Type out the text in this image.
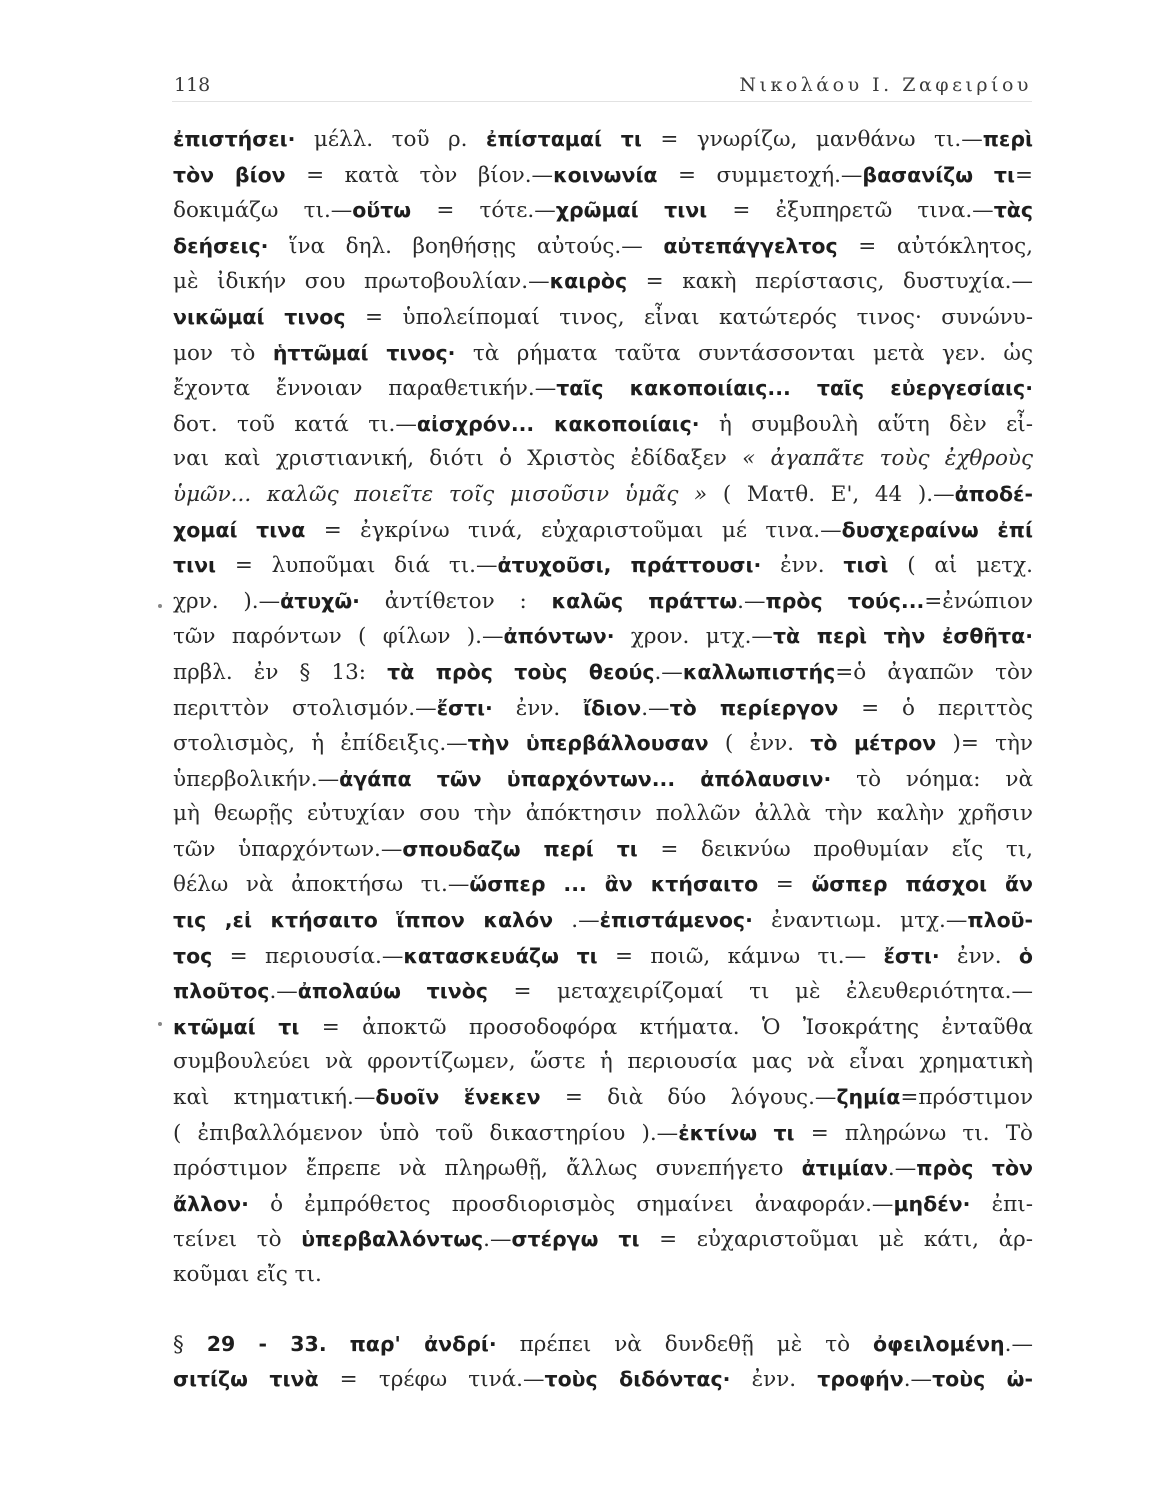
118	Νικολάου Ι. Ζαφειρίου
ἐπιστήσει· μέλλ. τοῦ ρ. ἐπίσταμαί τι = γνωρίζω, μανθάνω τι.—περὶ
τὸν βίον = κατὰ τὸν βίον.—κοινωνία = συμμετοχή.—βασανίζω τι=
δοκιμάζω τι.—οὕτω = τότε.—χρῶμαί τινι = ἐξυπηρετῶ τινα.—τὰς
δεήσεις· ἵνα δηλ. βοηθήσῃς αὐτούς.— αὐτεπάγγελτος = αὐτόκλητος,
μὲ ἰδικήν σου πρωτοβουλίαν.—καιρὸς = κακὴ περίστασις, δυστυχία.—
νικῶμαί τινος = ὑπολείπομαί τινος, εἶναι κατώτερός τινος· συνώνυ-
μον τὸ ἡττῶμαί τινος· τὰ ρήματα ταῦτα συντάσσονται μετὰ γεν. ὡς
ἔχοντα ἔννοιαν παραθετικήν.—ταῖς κακοποιίαις... ταῖς εὐεργεσίαις·
δοτ. τοῦ κατά τι.—αἰσχρόν... κακοποιίαις· ἡ συμβουλὴ αὕτη δὲν εἶ-
ναι καὶ χριστιανική, διότι ὁ Χριστὸς ἐδίδαξεν « ἀγαπᾶτε τοὺς ἐχθροὺς
ὑμῶν... καλῶς ποιεῖτε τοῖς μισοῦσιν ὑμᾶς » ( Ματθ. Ε', 44 ).—ἀποδέ-
χομαί τινα = ἐγκρίνω τινά, εὐχαριστοῦμαι μέ τινα.—δυσχεραίνω ἐπί
τινι = λυποῦμαι διά τι.—ἀτυχοῦσι, πράττουσι· ἐνν. τισὶ ( αἱ μετχ.
χρν. ).—ἀτυχῶ· ἀντίθετον : καλῶς πράττω.—πρὸς τούς...=ἐνώπιον
τῶν παρόντων ( φίλων ).—ἀπόντων· χρον. μτχ.—τὰ περὶ τὴν ἐσθῆτα·
πρβλ. ἐν § 13: τὰ πρὸς τοὺς θεούς.—καλλωπιστής=ὁ ἀγαπῶν τὸν
περιττὸν στολισμόν.—ἔστι· ἐνν. ἴδιον.—τὸ περίεργον = ὁ περιττὸς
στολισμὸς, ἡ ἐπίδειξις.—τὴν ὑπερβάλλουσαν ( ἐνν. τὸ μέτρον )= τὴν
ὑπερβολικήν.—ἀγάπα τῶν ὑπαρχόντων... ἀπόλαυσιν· τὸ νόημα: νὰ
μὴ θεωρῇς εὐτυχίαν σου τὴν ἀπόκτησιν πολλῶν ἀλλὰ τὴν καλὴν χρῆσιν
τῶν ὑπαρχόντων.—σπουδαζω περί τι = δεικνύω προθυμίαν εἴς τι,
θέλω νὰ ἀποκτήσω τι.—ὥσπερ ... ἂν κτήσαιτο = ὥσπερ πάσχοι ἄν
τις ,εἰ κτήσαιτο ἵππον καλόν .—ἐπιστάμενος· ἐναντιωμ. μτχ.—πλοῦ-
τος = περιουσία.—κατασκευάζω τι = ποιῶ, κάμνω τι.— ἔστι· ἐνν. ὁ
πλοῦτος.—ἀπολαύω τινὸς = μεταχειρίζομαί τι μὲ ἐλευθεριότητα.—
κτῶμαί τι = ἀποκτῶ προσοδοφόρα κτήματα. Ὁ Ἰσοκράτης ἐνταῦθα
συμβουλεύει νὰ φροντίζωμεν, ὥστε ἡ περιουσία μας νὰ εἶναι χρηματικὴ
καὶ κτηματική.—δυοῖν ἕνεκεν = διὰ δύο λόγους.—ζημία=πρόστιμον
( ἐπιβαλλόμενον ὑπὸ τοῦ δικαστηρίου ).—ἐκτίνω τι = πληρώνω τι. Τὸ
πρόστιμον ἔπρεπε νὰ πληρωθῇ, ἄλλως συνεπήγετο ἀτιμίαν.—πρὸς τὸν
ἄλλον· ὁ ἐμπρόθετος προσδιορισμὸς σημαίνει ἀναφοράν.—μηδέν· ἐπι-
τείνει τὸ ὑπερβαλλόντως.—στέργω τι = εὐχαριστοῦμαι μὲ κάτι, ἀρ-
κοῦμαι εἴς τι.
§ 29 - 33. παρ' ἀνδρί· πρέπει νὰ δυνδεθῇ μὲ τὸ ὀφειλομένη.—
σιτίζω τινὰ = τρέφω τινά.—τοὺς διδόντας· ἐνν. τροφήν.—τοὺς ὠ-
